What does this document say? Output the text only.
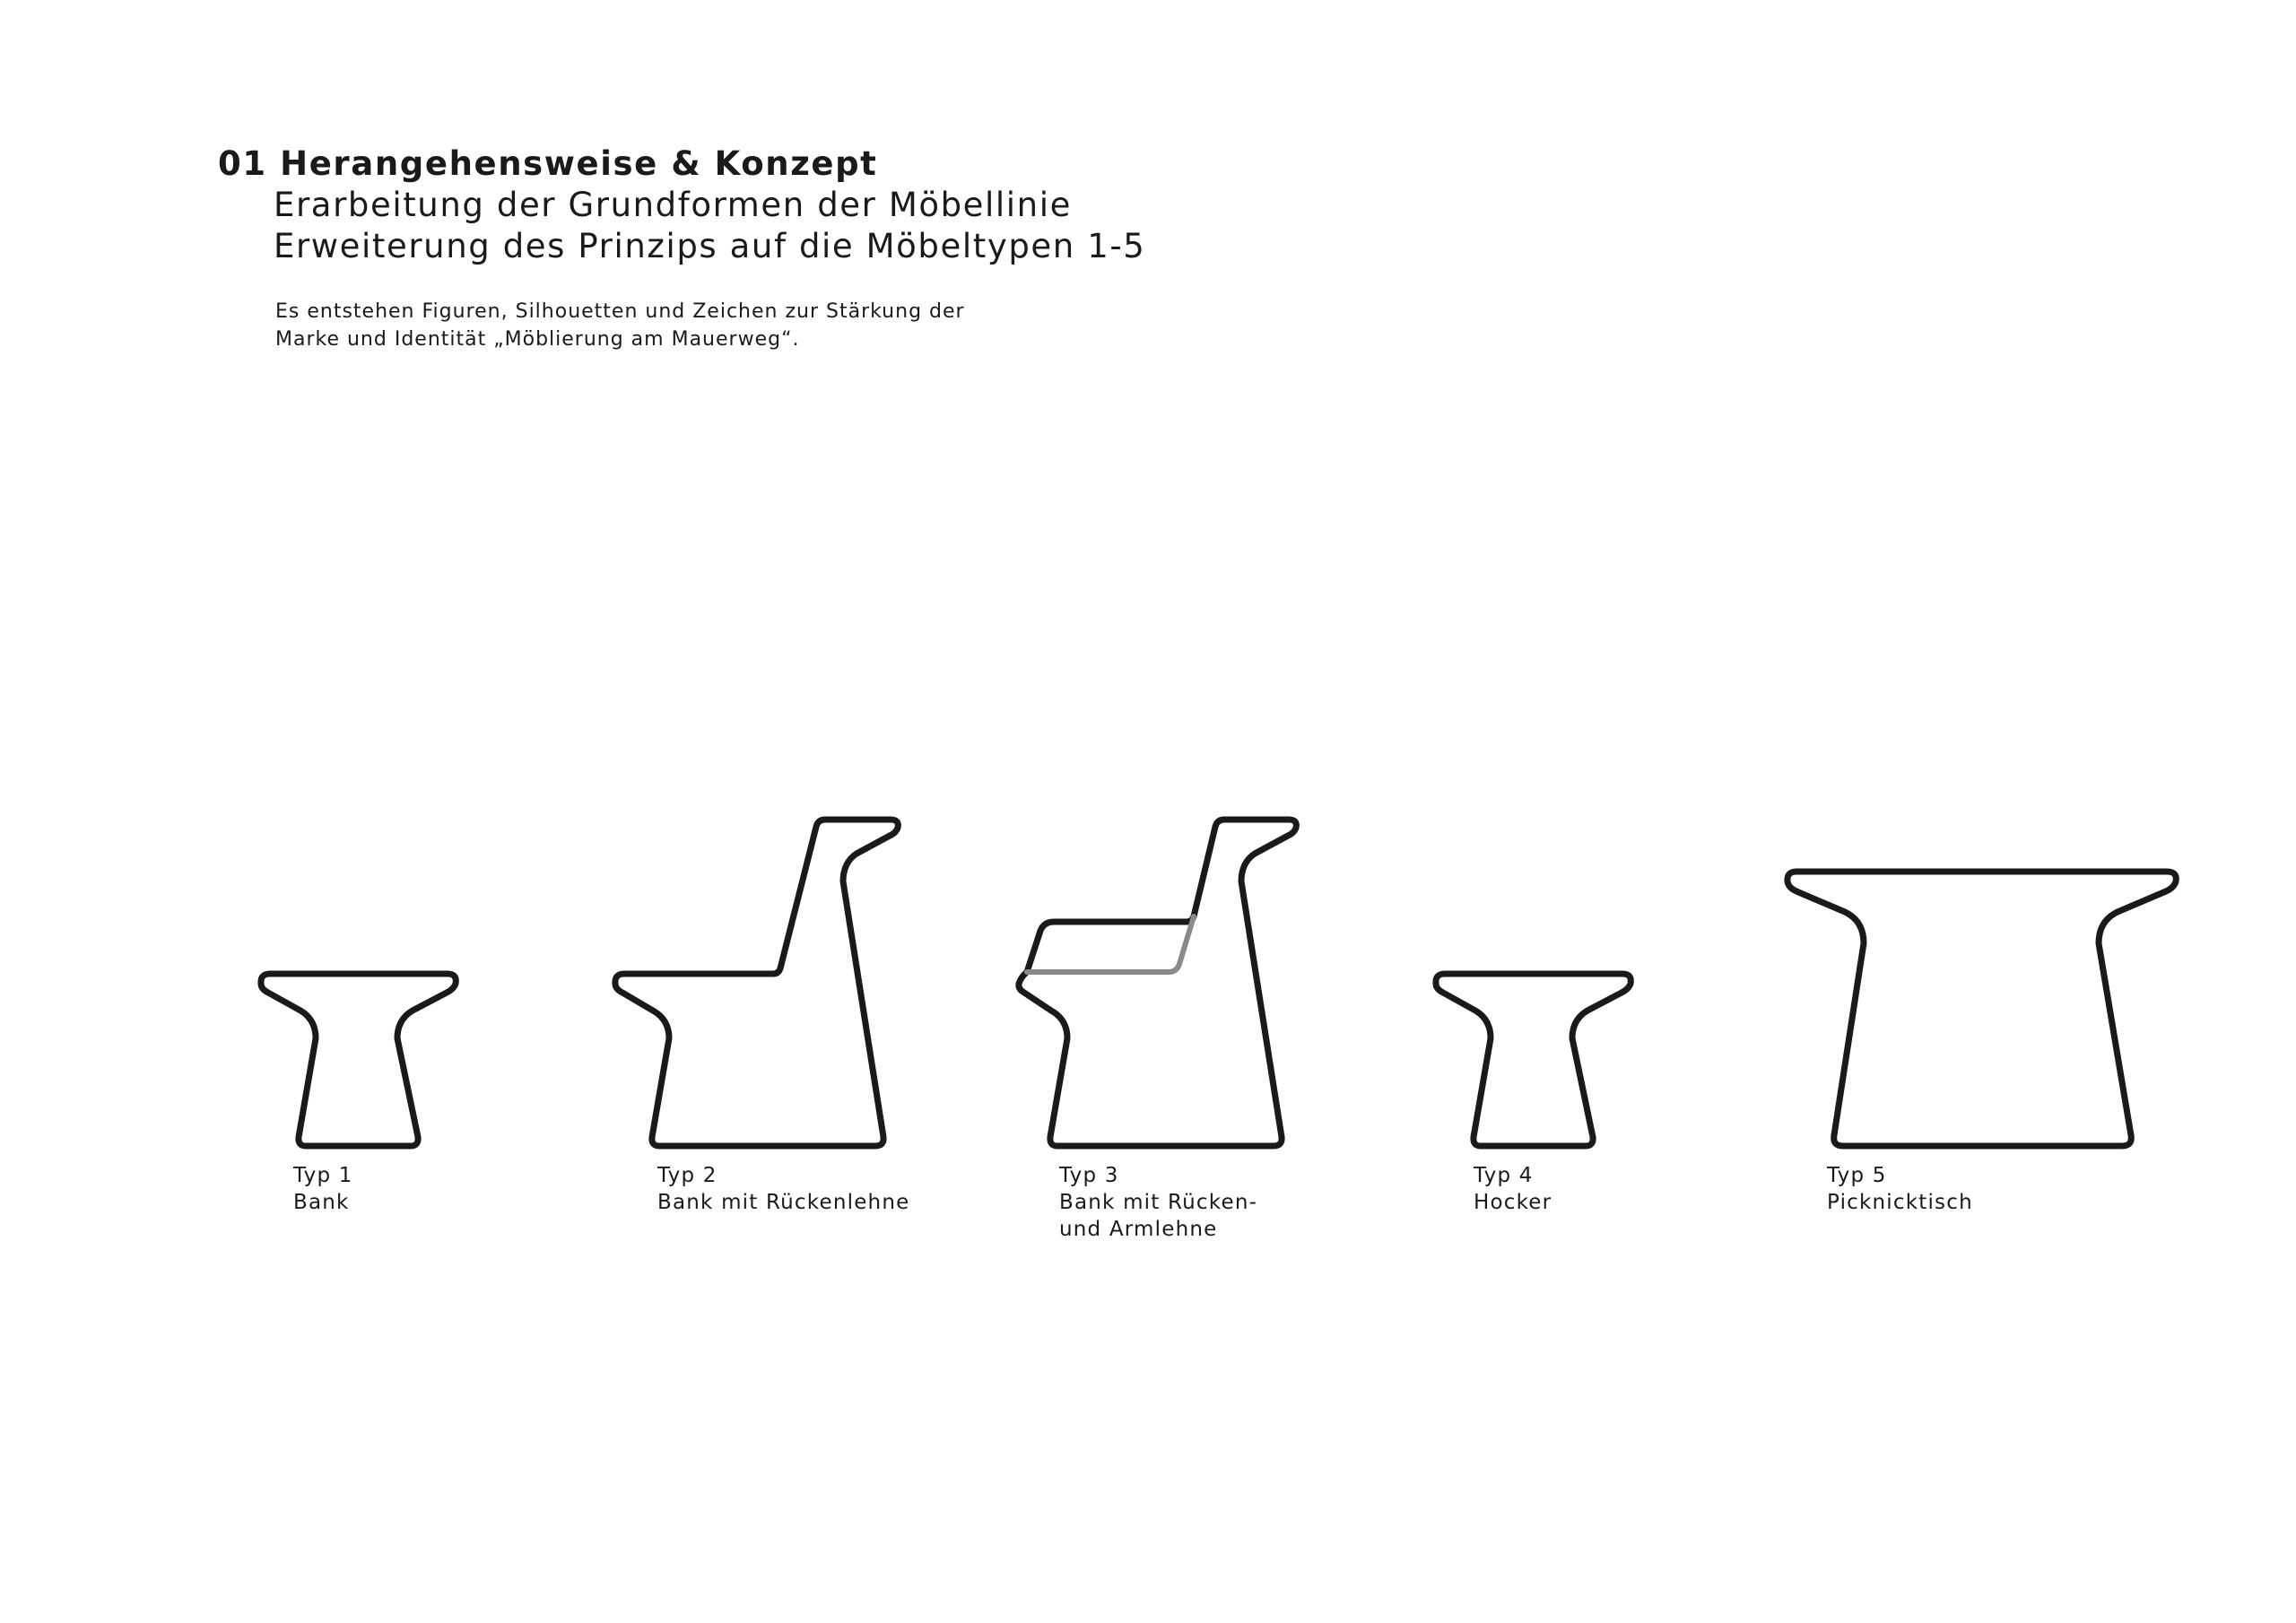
01 Herangehensweise & Konzept

Erarbeitung der Grundformen der Möbellinie

Erweiterung des Prinzips auf die Möbeltypen 1-5

Es entstehen Figuren, Silhouetten und Zeichen zur Stärkung der

Marke und Identität „Möblierung am Mauerweg“.

Typ 1
Bank
Typ 2
Bank mit Rückenlehne
Typ 3
Bank mit Rücken-
und Armlehne
Typ 4
Hocker
Typ 5
Picknicktisch
